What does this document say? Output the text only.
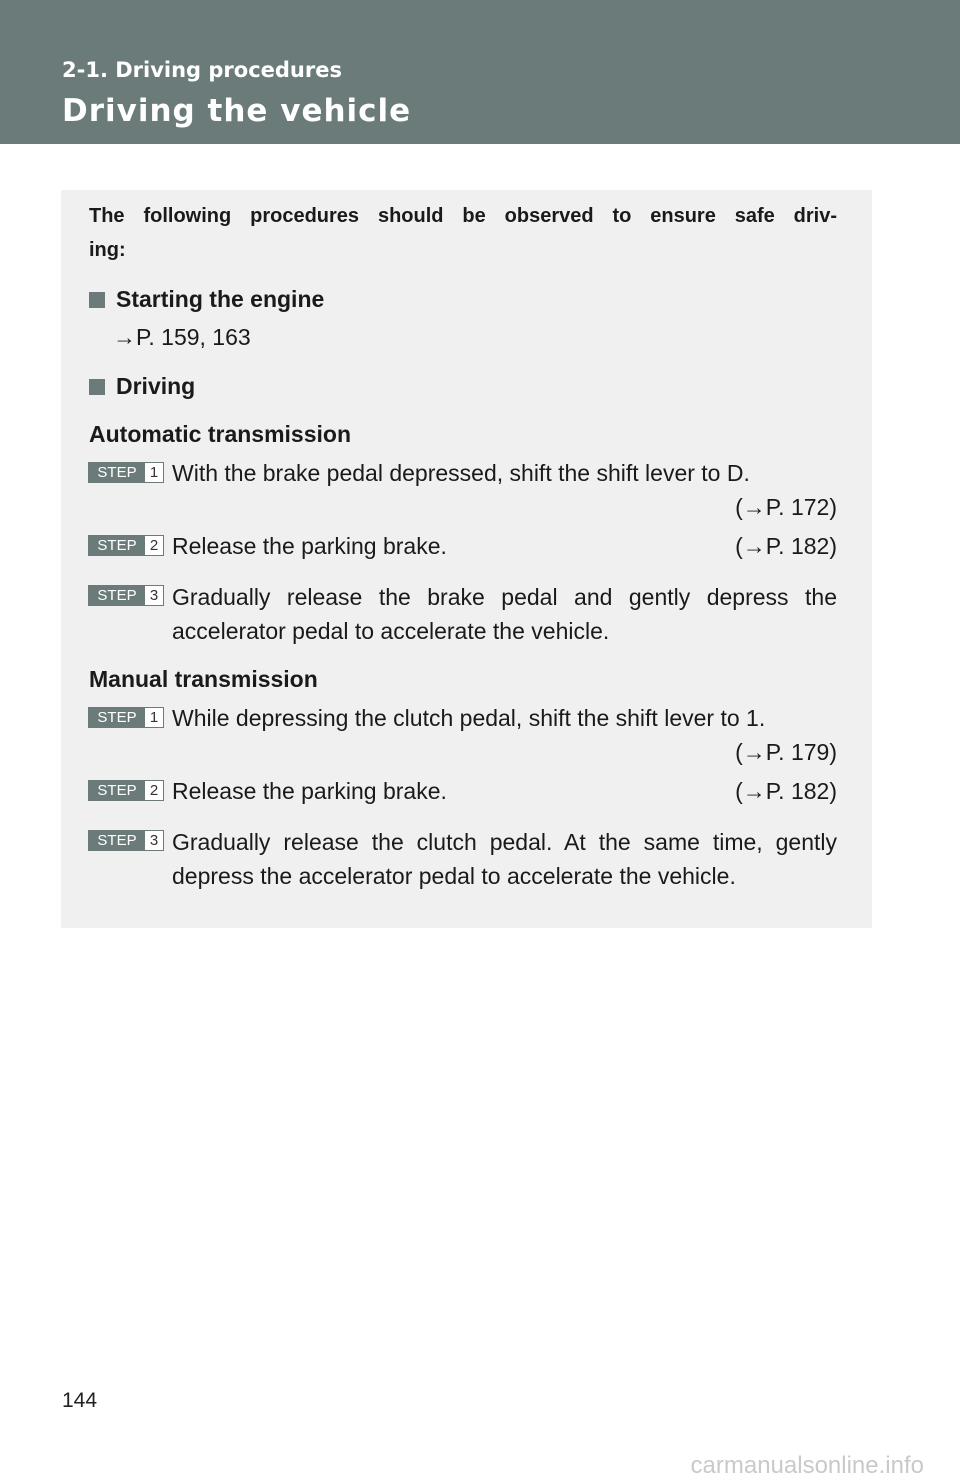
2-1. Driving procedures
Driving the vehicle
The following procedures should be observed to ensure safe driv-
ing:
Starting the engine
→P. 159, 163
Driving
Automatic transmission
STEP 1 With the brake pedal depressed, shift the shift lever to D.
(→P. 172)
STEP 2 Release the parking brake.	(→P. 182)
STEP 3 Gradually release the brake pedal and gently depress the
accelerator pedal to accelerate the vehicle.
Manual transmission
STEP 1 While depressing the clutch pedal, shift the shift lever to 1.
(→P. 179)
STEP 2 Release the parking brake.	(→P. 182)
STEP 3 Gradually release the clutch pedal. At the same time, gently
depress the accelerator pedal to accelerate the vehicle.
144
carmanualsonline.info
